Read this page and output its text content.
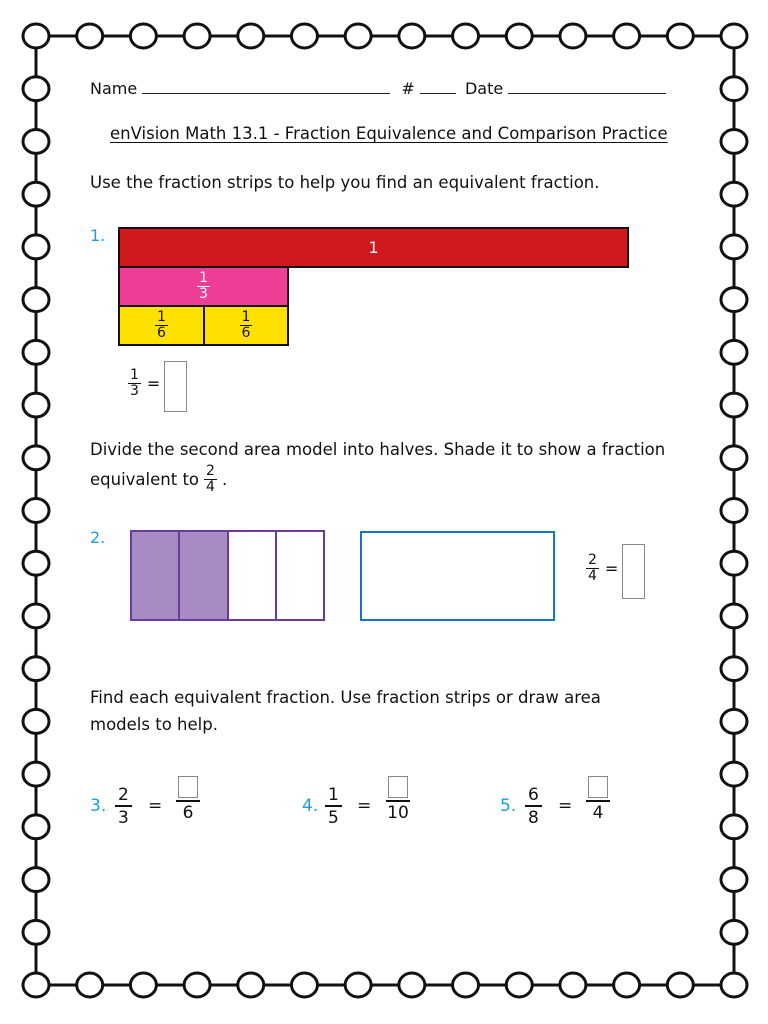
Name	#	Date
enVision Math 13.1 - Fraction Equivalence and Comparison Practice
Use the fraction strips to help you find an equivalent fraction.
1.
1
$\frac{1}{3}$
$\frac{1}{6}$	$\frac{1}{6}$
$\frac{1}{3}$ =
Divide the second area model into halves. Shade it to show a fraction
equivalent to $\frac{2}{4}$ .
2.
$\frac{2}{4}$ =
Find each equivalent fraction. Use fraction strips or draw area
models to help.
3.
2
3
= 6	4.
1
5
= 10	5.
6
8
= 4
